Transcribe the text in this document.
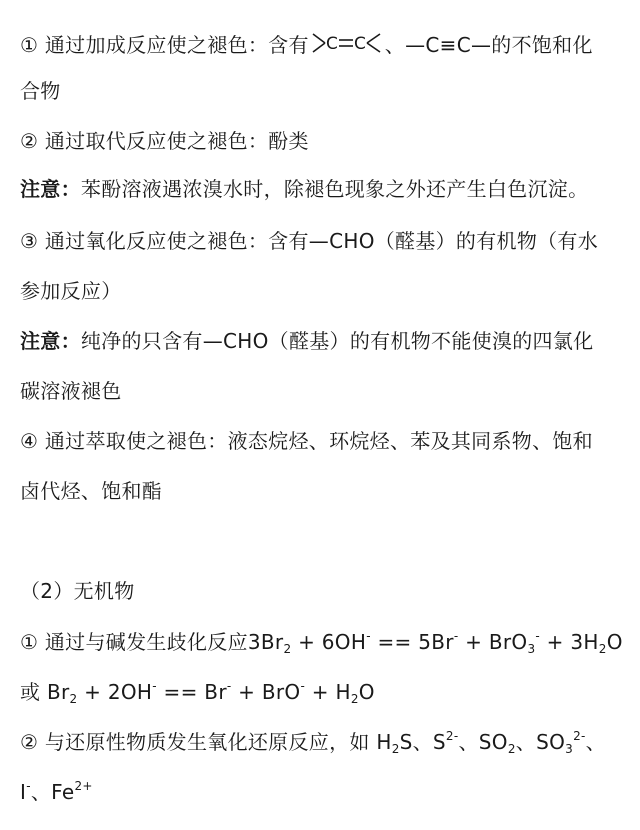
① 通过加成反应使之褪色：含有 C C 、—C≡C—的不饱和化
合物
② 通过取代反应使之褪色：酚类
注意：苯酚溶液遇浓溴水时，除褪色现象之外还产生白色沉淀。
③ 通过氧化反应使之褪色：含有—CHO（醛基）的有机物（有水
参加反应）
注意：纯净的只含有—CHO（醛基）的有机物不能使溴的四氯化
碳溶液褪色
④ 通过萃取使之褪色：液态烷烃、环烷烃、苯及其同系物、饱和
卤代烃、饱和酯
（2）无机物
① 通过与碱发生歧化反应$3Br_2 + 6OH^- == 5Br^- + BrO_3^- + 3H_2O$
或 $Br_2 + 2OH^- == Br^- + BrO^- + H_2O$
② 与还原性物质发生氧化还原反应，如 $H_2S$、$S^{2-}$、$SO_2$、$SO_3^{2-}$、
I-、$Fe^{2+}$
